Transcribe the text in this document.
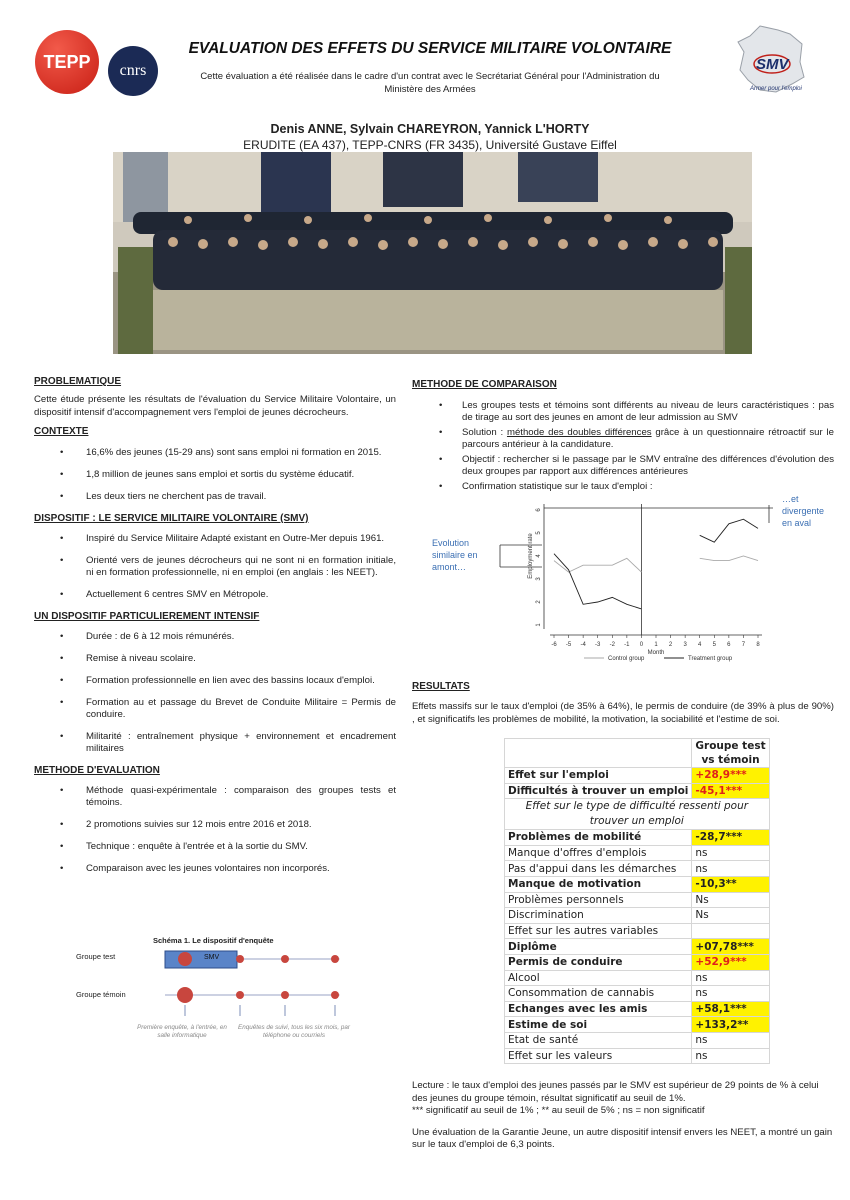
TEPP cnrs	SMV
Armer pour l'emploi
EVALUATION DES EFFETS DU SERVICE MILITAIRE VOLONTAIRE
Cette évaluation a été réalisée dans le cadre d'un contrat avec le Secrétariat Général pour l'Administration du Ministère des Armées
Denis ANNE, Sylvain CHAREYRON, Yannick L'HORTY
ERUDITE (EA 437), TEPP-CNRS (FR 3435), Université Gustave Eiffel
PROBLEMATIQUE
Cette étude présente les résultats de l'évaluation du Service Militaire Volontaire, un dispositif intensif d'accompagnement vers l'emploi de jeunes décrocheurs.
CONTEXTE
• 16,6% des jeunes (15-29 ans) sont sans emploi ni formation en 2015.
• 1,8 million de jeunes sans emploi et sortis du système éducatif.
• Les deux tiers ne cherchent pas de travail.
DISPOSITIF : LE SERVICE MILITAIRE VOLONTAIRE (SMV)
• Inspiré du Service Militaire Adapté existant en Outre-Mer depuis 1961.
• Orienté vers de jeunes décrocheurs qui ne sont ni en formation initiale, ni en formation professionnelle, ni en emploi (en anglais : les NEET).
• Actuellement 6 centres SMV en Métropole.
UN DISPOSITIF PARTICULIEREMENT INTENSIF
• Durée : de 6 à 12 mois rémunérés.
• Remise à niveau scolaire.
• Formation professionnelle en lien avec des bassins locaux d'emploi.
• Formation au et passage du Brevet de Conduite Militaire = Permis de conduire.
• Militarité : entraînement physique + environnement et encadrement militaires
METHODE D'EVALUATION
• Méthode quasi-expérimentale : comparaison des groupes tests et témoins.
• 2 promotions suivies sur 12 mois entre 2016 et 2018.
• Technique : enquête à l'entrée et à la sortie du SMV.
• Comparaison avec les jeunes volontaires non incorporés.
Schéma 1. Le dispositif d'enquête
Groupe test
Groupe témoin
SMV
Première enquête, à l'entrée, en salle informatique
Enquêtes de suivi, tous les six mois, par téléphone ou courriels
METHODE DE COMPARAISON
• Les groupes tests et témoins sont différents au niveau de leurs caractéristiques : pas de tirage au sort des jeunes en amont de leur admission au SMV
• Solution : méthode des doubles différences grâce à un questionnaire rétroactif sur le parcours antérieur à la candidature.
• Objectif : rechercher si le passage par le SMV entraîne des différences d'évolution des deux groupes par rapport aux différences antérieures
• Confirmation statistique sur le taux d'emploi :
Evolution similaire en amont…
…et divergente en aval
-6 -5 -4 -3 -2 -1 0 1 2 3 4 5 6 7 8
1
2
3
4
5
6
Month
Employment rate
Control group	Treatment group
RESULTATS
Effets massifs sur le taux d'emploi (de 35% à 64%), le permis de conduire (de 39% à plus de 90%) , et significatifs les problèmes de mobilité, la motivation, la sociabilité et l'estime de soi.
	Groupe test
vs témoin
Effet sur l'emploi	+28,9***
Difficultés à trouver un emploi	-45,1***
Effet sur le type de difficulté ressenti pour trouver un emploi	
Problèmes de mobilité	-28,7***
Manque d'offres d'emplois	ns
Pas d'appui dans les démarches	ns
Manque de motivation	-10,3**
Problèmes personnels	Ns
Discrimination	Ns
Effet sur les autres variables	
Diplôme	+07,78***
Permis de conduire	+52,9***
Alcool	ns
Consommation de cannabis	ns
Echanges avec les amis	+58,1***
Estime de soi	+133,2**
Etat de santé	ns
Effet sur les valeurs	ns
Lecture : le taux d'emploi des jeunes passés par le SMV est supérieur de 29 points de % à celui des jeunes du groupe témoin, résultat significatif au seuil de 1%.
*** significatif au seuil de 1% ; ** au seuil de 5% ; ns = non significatif
Une évaluation de la Garantie Jeune, un autre dispositif intensif envers les NEET, a montré un gain sur le taux d'emploi de 6,3 points.
